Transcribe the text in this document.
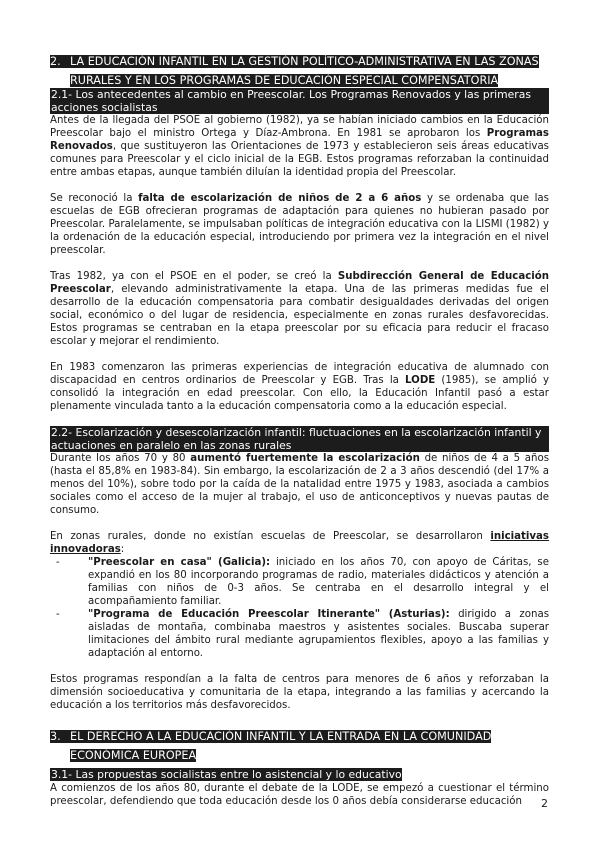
2. LA EDUCACIÓN INFANTIL EN LA GESTIÓN POLÍTICO-ADMINISTRATIVA EN LAS ZONAS RURALES Y EN LOS PROGRAMAS DE EDUCACIÓN ESPECIAL COMPENSATORIA
2.1- Los antecedentes al cambio en Preescolar. Los Programas Renovados y las primeras acciones socialistas

Antes de la llegada del PSOE al gobierno (1982), ya se habían iniciado cambios en la Educación Preescolar bajo el ministro Ortega y Díaz-Ambrona. En 1981 se aprobaron los Programas Renovados, que sustituyeron las Orientaciones de 1973 y establecieron seis áreas educativas comunes para Preescolar y el ciclo inicial de la EGB. Estos programas reforzaban la continuidad entre ambas etapas, aunque también diluían la identidad propia del Preescolar.

Se reconoció la falta de escolarización de niños de 2 a 6 años y se ordenaba que las escuelas de EGB ofrecieran programas de adaptación para quienes no hubieran pasado por Preescolar. Paralelamente, se impulsaban políticas de integración educativa con la LISMI (1982) y la ordenación de la educación especial, introduciendo por primera vez la integración en el nivel preescolar.

Tras 1982, ya con el PSOE en el poder, se creó la Subdirección General de Educación Preescolar, elevando administrativamente la etapa. Una de las primeras medidas fue el desarrollo de la educación compensatoria para combatir desigualdades derivadas del origen social, económico o del lugar de residencia, especialmente en zonas rurales desfavorecidas. Estos programas se centraban en la etapa preescolar por su eficacia para reducir el fracaso escolar y mejorar el rendimiento.

En 1983 comenzaron las primeras experiencias de integración educativa de alumnado con discapacidad en centros ordinarios de Preescolar y EGB. Tras la LODE (1985), se amplió y consolidó la integración en edad preescolar. Con ello, la Educación Infantil pasó a estar plenamente vinculada tanto a la educación compensatoria como a la educación especial.

2.2- Escolarización y desescolarización infantil: fluctuaciones en la escolarización infantil y actuaciones en paralelo en las zonas rurales

Durante los años 70 y 80 aumentó fuertemente la escolarización de niños de 4 a 5 años (hasta el 85,8% en 1983-84). Sin embargo, la escolarización de 2 a 3 años descendió (del 17% a menos del 10%), sobre todo por la caída de la natalidad entre 1975 y 1983, asociada a cambios sociales como el acceso de la mujer al trabajo, el uso de anticonceptivos y nuevas pautas de consumo.

En zonas rurales, donde no existían escuelas de Preescolar, se desarrollaron iniciativas innovadoras:

-	"Preescolar en casa" (Galicia): iniciado en los años 70, con apoyo de Cáritas, se expandió en los 80 incorporando programas de radio, materiales didácticos y atención a familias con niños de 0-3 años. Se centraba en el desarrollo integral y el acompañamiento familiar.
-	"Programa de Educación Preescolar Itinerante" (Asturias): dirigido a zonas aisladas de montaña, combinaba maestros y asistentes sociales. Buscaba superar limitaciones del ámbito rural mediante agrupamientos flexibles, apoyo a las familias y adaptación al entorno.

Estos programas respondían a la falta de centros para menores de 6 años y reforzaban la dimensión socioeducativa y comunitaria de la etapa, integrando a las familias y acercando la educación a los territorios más desfavorecidos.

3. EL DERECHO A LA EDUCACIÓN INFANTIL Y LA ENTRADA EN LA COMUNIDAD ECONÓMICA EUROPEA
3.1- Las propuestas socialistas entre lo asistencial y lo educativo

A comienzos de los años 80, durante el debate de la LODE, se empezó a cuestionar el término preescolar, defendiendo que toda educación desde los 0 años debía considerarse educación	2
